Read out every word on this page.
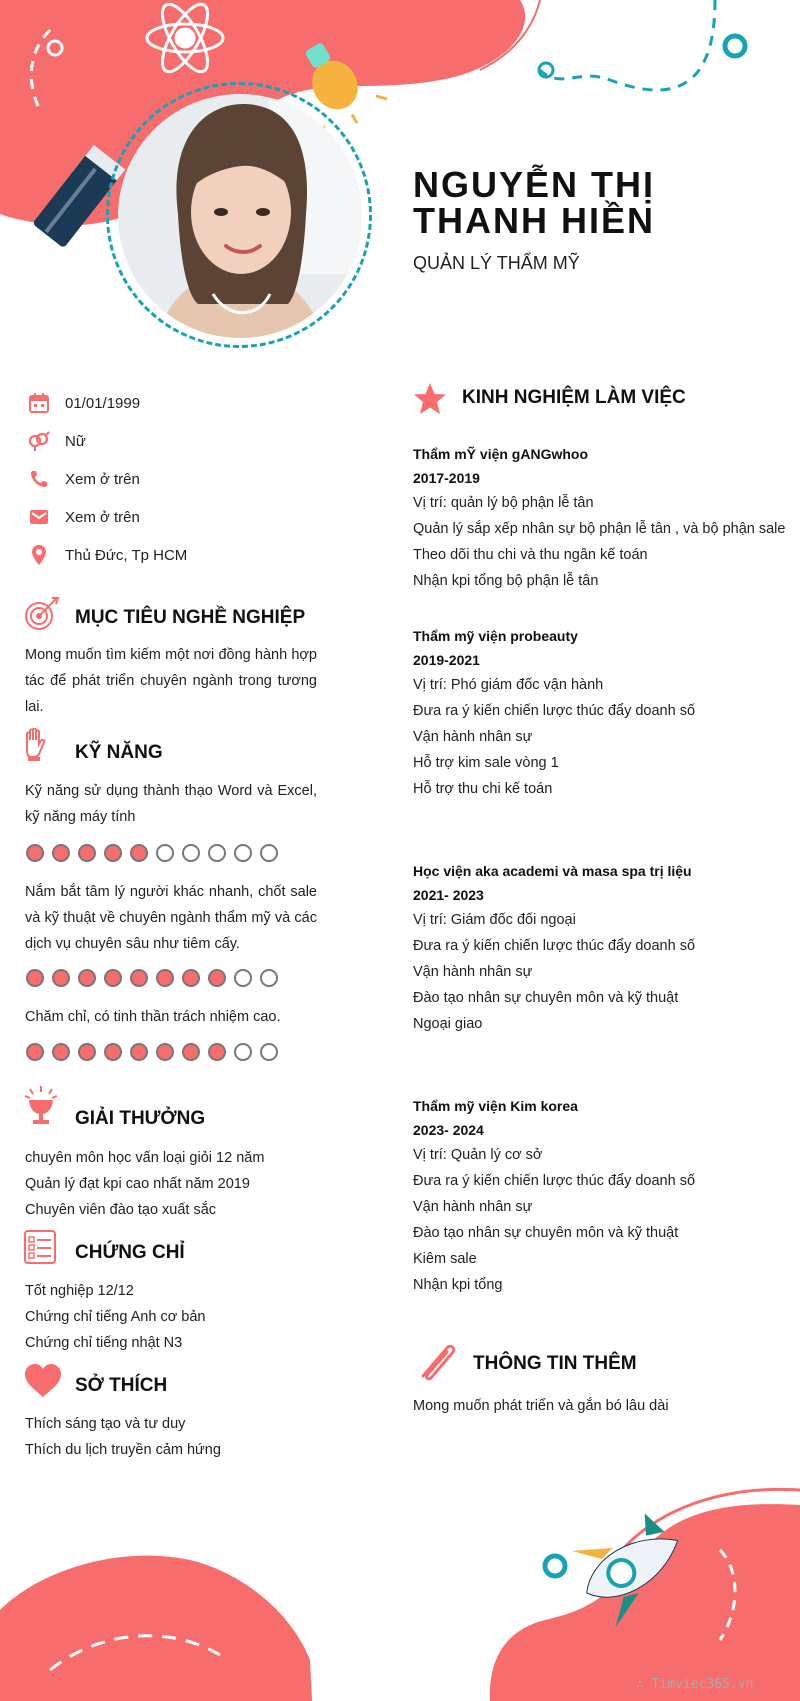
NGUYỄN THỊ THANH HIỀN
QUẢN LÝ THẨM MỸ
01/01/1999
Nữ
Xem ở trên
Xem ở trên
Thủ Đức, Tp HCM
MỤC TIÊU NGHỀ NGHIỆP
Mong muốn tìm kiếm một nơi đồng hành hợp tác để phát triển chuyên ngành trong tương lai.
KỸ NĂNG
Kỹ năng sử dụng thành thạo Word và Excel, kỹ năng máy tính
Nắm bắt tâm lý người khác nhanh, chốt sale và kỹ thuật về chuyên ngành thẩm mỹ và các dịch vụ chuyên sâu như tiêm cấy.
Chăm chỉ, có tinh thần trách nhiệm cao.
GIẢI THƯỞNG
chuyên môn học vấn loại giỏi 12 năm
Quản lý đạt kpi cao nhất năm 2019
Chuyên viên đào tạo xuất sắc
CHỨNG CHỈ
Tốt nghiệp 12/12
Chứng chỉ tiếng Anh cơ bản
Chứng chỉ tiếng nhật N3
SỞ THÍCH
Thích sáng tạo và tư duy
Thích du lịch truyền cảm hứng
KINH NGHIỆM LÀM VIỆC
Thẩm mỸ viện gANGwhoo
2017-2019
Vị trí: quản lý bộ phận lễ tân
Quản lý sắp xếp nhân sự bộ phận lễ tân , và bộ phận sale
Theo dõi thu chi và thu ngân kế toán
Nhận kpi tổng bộ phận lễ tân
Thẩm mỹ viện probeauty
2019-2021
Vị trí: Phó giám đốc vận hành
Đưa ra ý kiến chiến lược thúc đẩy doanh số
Vận hành nhân sự
Hỗ trợ kim sale vòng 1
Hỗ trợ thu chi kế toán
Học viện aka academi và masa spa trị liệu
2021- 2023
Vị trí: Giám đốc đối ngoại
Đưa ra ý kiến chiến lược thúc đẩy doanh số
Vận hành nhân sự
Đào tạo nhân sự chuyên môn và kỹ thuật
Ngoại giao
Thẩm mỹ viện Kim korea
2023- 2024
Vị trí: Quản lý cơ sở
Đưa ra ý kiến chiến lược thúc đẩy doanh số
Vận hành nhân sự
Đào tạo nhân sự chuyên môn và kỹ thuật
Kiêm sale
Nhận kpi tổng
THÔNG TIN THÊM
Mong muốn phát triển và gắn bó lâu dài
∴ Timviec365.vn
